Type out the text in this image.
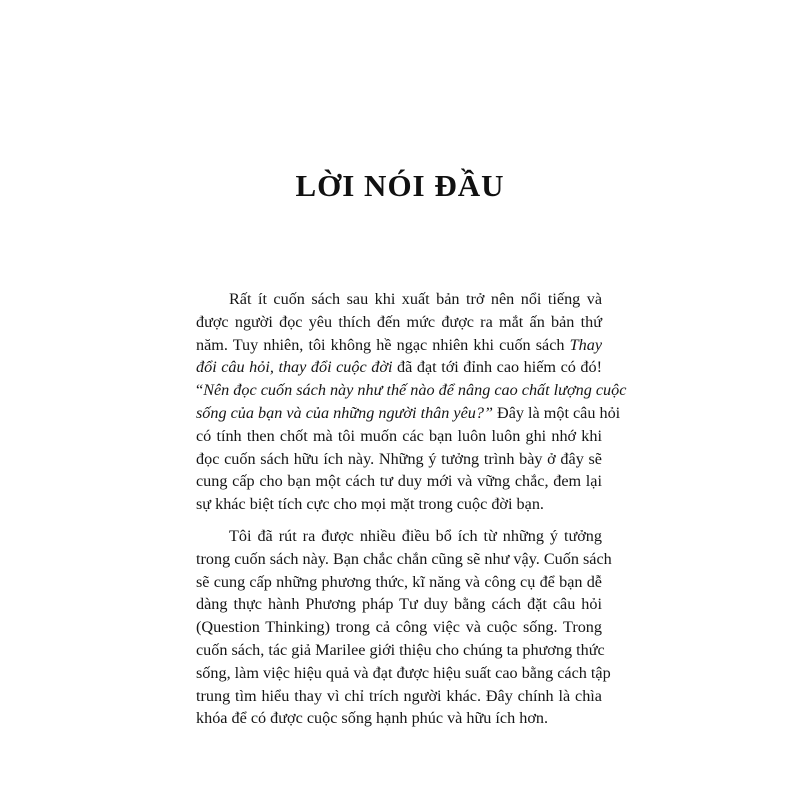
LỜI NÓI ĐẦU
Rất ít cuốn sách sau khi xuất bản trở nên nổi tiếng và
được người đọc yêu thích đến mức được ra mắt ấn bản thứ
năm. Tuy nhiên, tôi không hề ngạc nhiên khi cuốn sách Thay
đổi câu hỏi, thay đổi cuộc đời đã đạt tới đỉnh cao hiếm có đó!
“Nên đọc cuốn sách này như thế nào để nâng cao chất lượng cuộc
sống của bạn và của những người thân yêu?” Đây là một câu hỏi
có tính then chốt mà tôi muốn các bạn luôn luôn ghi nhớ khi
đọc cuốn sách hữu ích này. Những ý tưởng trình bày ở đây sẽ
cung cấp cho bạn một cách tư duy mới và vững chắc, đem lại
sự khác biệt tích cực cho mọi mặt trong cuộc đời bạn.
Tôi đã rút ra được nhiều điều bổ ích từ những ý tưởng
trong cuốn sách này. Bạn chắc chắn cũng sẽ như vậy. Cuốn sách
sẽ cung cấp những phương thức, kĩ năng và công cụ để bạn dễ
dàng thực hành Phương pháp Tư duy bằng cách đặt câu hỏi
(Question Thinking) trong cả công việc và cuộc sống. Trong
cuốn sách, tác giả Marilee giới thiệu cho chúng ta phương thức
sống, làm việc hiệu quả và đạt được hiệu suất cao bằng cách tập
trung tìm hiểu thay vì chỉ trích người khác. Đây chính là chìa
khóa để có được cuộc sống hạnh phúc và hữu ích hơn.
